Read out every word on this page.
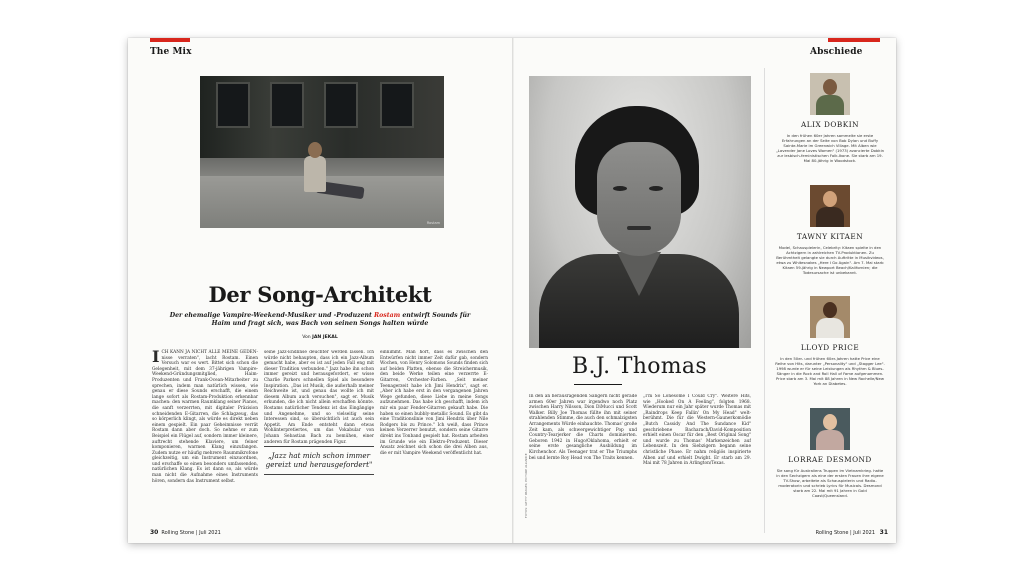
The Mix
Rostam
Der Song-Architekt
Der ehemalige Vampire-Weekend-Musiker und -Produzent Rostam entwirft Sounds für Haim und fragt sich, was Bach von seinen Songs halten würde
Von JAN JEKAL
ICH KANN JA NICHT ALLE MEINE GEDEN-nisse verraten", lacht Rostam. Einen Versuch war es wert. Bittet sich schon die Gelegenheit, mit dem 37-jährigen Vampire-Weekend-Gründungsmitglied, Haim-Produzenten und Frank-Ocean-Mitarbeiter zu sprechen, indem man natürlich wissen, wie genau er diese Sounds erschafft, die einem lange sofort als Rostam-Produktion erkennbar machen: den warmen Raumklang seiner Pianos, die sanft verzerrten, mit digitaler Präzision schneidenden E-Gitarren, die Schlagzeug, das so körperlich klingt, als würde es direkt neben einem gespielt. Ein paar Geheimnisse verrät Rostam dann aber doch. So nehme er zum Beispiel ein Flügel auf, sondern immer kleinere, auftrecht stehende Klaviere, um feiner komponieren, warmen Klang einzufangen. Zudem nutze er häufig mehrere Raummikrofone gleichzeitig, um ein Instrument einzuordnen, und erschaffe so einen besonders umfassenden, natürlichen Klang. Es ist dann so, als würde man nicht die Aufnahme eines Instruments hören, sondern das Instrument selbst.
seine Jazz-Endlinse deuchter werden lassen. Ich würde nicht behaupten, dass ich ein Jazz-Album gemacht habe, aber es ist auf jeden Fall eng mit dieser Tradition verbunden." Jazz habe ihn schon immer gereizt und herausgefordert, er wisse Charlie Parkers schnellen Spiel als besondere Inspiration. „Das ist Musik, die außerhalb meiner Reichweite ist, und genau das wollte ich mit diesem Album auch versuchen", sagt er. Musik erkunden, die ich nicht allein erschaffen könnte. Rostams natürlicher Tendenz ist das Eingängige und Angenehme, und so vielseitig seine Interessen sind, so übersichtlich ist auch sein Appetit. Am Ende entsteht dann etwas Wohlinterpretiertes, um das Vokabular von Johann Sebastian Bach zu bemühen, einer anderen für Rostam prägenden Figur.
„Jazz hat mich schon immer gereizt und herausgefordert"
einnimmt. Man hört, dass es zwischen den Entwürfen nicht immer Zeit dafür gab, sondern Wochen, von Henry Solomons Sounds finden sich auf beiden Platten, ebenso die Streichermusik, den beide Werke teilen eine verzerrte E-Gitarren, Orchester-Farben. „Seit meiner Teenagerzeit habe ich Jimi Hendrix", sagt er. „Aber ich habe erst in den vergangenen Jahren Wege gefunden, diese Liebe in meine Songs aufzunehmen. Das habe ich geschafft, indem ich mir ein paar Fender-Gitarren gekauft habe. Die haben so einen bubbly-metallic Sound. Es gibt da eine Traditionslinie von Jimi Hendrix über Nile Rodgers bis zu Prince." Ich weiß, dass Prince keinen Verzerrer benutzt, sondern seine Gitarre direkt ins Tonband gespielt hat. Rostam arbeiten im Grunde wie ein Elektro-Produzent. Dieser Ansatz zeichnet sich schon die drei Alben aus, die er mit Vampire Weekend veröffentlicht hat.
30 Rolling Stone | Juli 2021
Abschiede
FOTOS: GETTY IMAGES; PICTURE ALLIANCE
B.J. Thomas
In den an herausragenden Sängern nicht gerade armen 60er Jahren war irgendwo noch Platz zwischen Harry Nilsson, Dion DiMucci und Scott Walker. Billy Joe Thomas füllte ihn mit seiner strahlenden Stimme, die auch den schmalzigsten Arrangements Würde einhauchte. Thomas' große Zeit kam, als schwergewichtiger Pop und Country-Tearjerker die Charts dominierten. Geboren 1942 in Hugo/Oklahoma, erhielt er seine erste gesangliche Ausbildung im Kirchenchor. Als Teenager trat er The Triumphs bei und lernte Roy Head von The Traits kennen.
„I'm So Lonesome I Could Cry". Weitere Hits, wie „Hooked On A Feeling", folgten 1968. Wiederum nur ein Jahr später wurde Thomas mit „Raindrops Keep Fallin' On My Head" welt-berühmt. Die für die Western-Gaunerkomödie „Butch Cassidy And The Sundance Kid" geschriebene Bacharach/David-Komposition erhielt einen Oscar für den „Best Original Song" und wurde zu Thomas' Markenzeichen auf Lebenszeit. In den Siebzigern begann seine christliche Phase. Er nahm religiös inspirierte Alben auf und erhielt Dwight. Er starb am 29. Mai mit 78 Jahren in Arlington/Texas.
ALIX DOBKIN
In den frühen 60er Jahren sammelte sie erste Erfahrungen an der Seite von Bob Dylan und Buffy Sainte-Marie im Greenwich Village. Mit Alben wie „Lavender Jane Loves Women" (1973) avancierte Dobkin zur lesbisch-feministischen Folk-Ikone. Sie starb am 19. Mai 80-jährig in Woodstock.
TAWNY KITAEN
Model, Schauspielerin, Celebrity: Kitaen spielte in den Achtzigern in zahlreichen TV-Produktionen. Zu Berühmtheit gelangte sie durch Auftritte in Musikvideos, etwa zu Whitesnakes „Here I Go Again". Am 7. Mai starb Kitaen 59-jährig in Newport Beach/Kalifornien; die Todesursache ist unbekannt.
LLOYD PRICE
In den 50er- und frühen 60er-Jahren hatte Price eine Reihe von Hits, darunter „Personality" und „Stagger Lee". 1998 wurde er für seine Leistungen als Rhythm & Blues-Sänger in die Rock and Roll Hall of Fame aufgenommen. Price starb am 3. Mai mit 88 Jahren in New Rochelle/New York an Diabetes.
LORRAE DESMOND
Sie sang für Australiens Truppen im Vietnamkrieg. hatte in den Sechzigern als eine der ersten Frauen ihre eigene TV-Show, arbeitete als Schauspielerin und Radio-moderatorin und schrieb Lyrics für Musicals. Desmond starb am 22. Mai mit 91 Jahren in Gold Coast/Queensland.
Rolling Stone | Juli 2021 31
